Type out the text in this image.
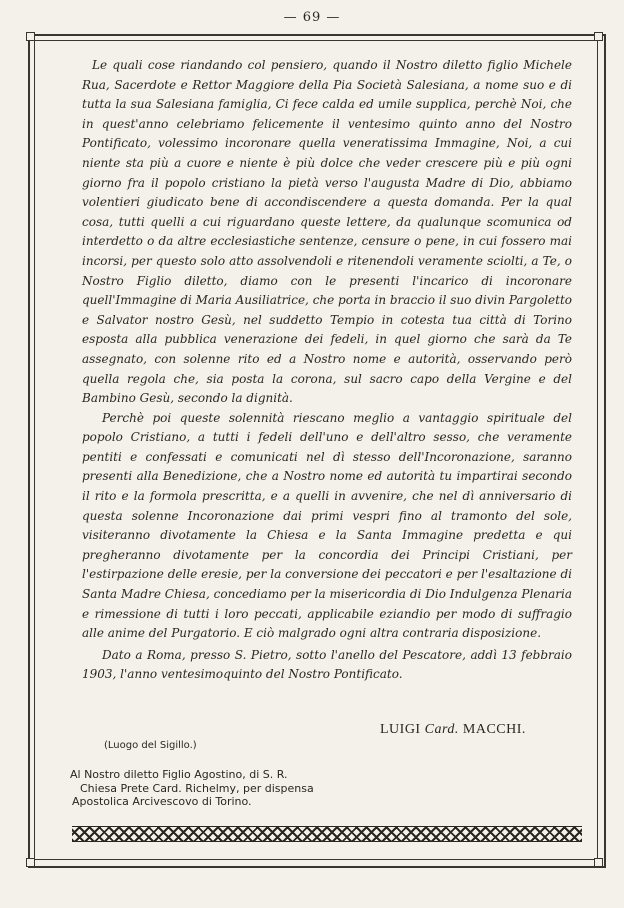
— 69 —

Le quali cose riandando col pensiero, quando il Nostro diletto figlio Michele Rua, Sacerdote e Rettor Maggiore della Pia Società Salesiana, a nome suo e di tutta la sua Salesiana famiglia, Ci fece calda ed umile supplica, perchè Noi, che in quest'anno celebriamo felicemente il ventesimo quinto anno del Nostro Pontificato, volessimo incoronare quella veneratissima Immagine, Noi, a cui niente sta più a cuore e niente è più dolce che veder crescere più e più ogni giorno fra il popolo cristiano la pietà verso l'augusta Madre di Dio, abbiamo volentieri giudicato bene di accondiscendere a questa domanda. Per la qual cosa, tutti quelli a cui riguardano queste lettere, da qualunque scomunica od interdetto o da altre ecclesiastiche sentenze, censure o pene, in cui fossero mai incorsi, per questo solo atto assolvendoli e ritenendoli veramente sciolti, a Te, o Nostro Figlio diletto, diamo con le presenti l'incarico di incoronare quell'Immagine di Maria Ausiliatrice, che porta in braccio il suo divin Pargoletto e Salvator nostro Gesù, nel suddetto Tempio in cotesta tua città di Torino esposta alla pubblica venerazione dei fedeli, in quel giorno che sarà da Te assegnato, con solenne rito ed a Nostro nome e autorità, osservando però quella regola che, sia posta la corona, sul sacro capo della Vergine e del Bambino Gesù, secondo la dignità.

Perchè poi queste solennità riescano meglio a vantaggio spirituale del popolo Cristiano, a tutti i fedeli dell'uno e dell'altro sesso, che veramente pentiti e confessati e comunicati nel dì stesso dell'Incoronazione, saranno presenti alla Benedizione, che a Nostro nome ed autorità tu impartirai secondo il rito e la formola prescritta, e a quelli in avvenire, che nel dì anniversario di questa solenne Incoronazione dai primi vespri fino al tramonto del sole, visiteranno divotamente la Chiesa e la Santa Immagine predetta e qui pregheranno divotamente per la concordia dei Principi Cristiani, per l'estirpazione delle eresie, per la conversione dei peccatori e per l'esaltazione di Santa Madre Chiesa, concediamo per la misericordia di Dio Indulgenza Plenaria e rimessione di tutti i loro peccati, applicabile eziandio per modo di suffragio alle anime del Purgatorio. E ciò malgrado ogni altra contraria disposizione.

Dato a Roma, presso S. Pietro, sotto l'anello del Pescatore, addì 13 febbraio 1903, l'anno ventesimoquinto del Nostro Pontificato.

LUIGI Card. MACCHI.
(Luogo del Sigillo.)
Al Nostro diletto Figlio Agostino, di S. R.
Chiesa Prete Card. Richelmy, per dispensa
Apostolica Arcivescovo di Torino.
